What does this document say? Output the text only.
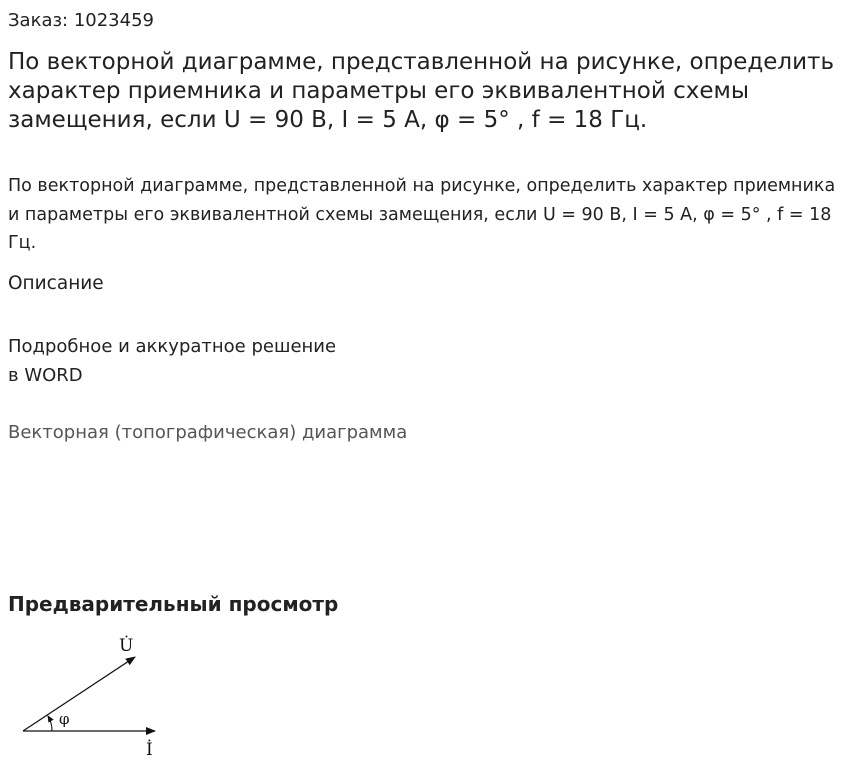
Заказ: 1023459
По векторной диаграмме, представленной на рисунке, определить характер приемника и параметры его эквивалентной схемы замещения, если U = 90 В, I = 5 А, φ = 5° , f = 18 Гц.

По векторной диаграмме, представленной на рисунке, определить характер приемника и параметры его эквивалентной схемы замещения, если U = 90 В, I = 5 А, φ = 5° , f = 18 Гц.

Описание
Подробное и аккуратное решение
в WORD
Векторная (топографическая) диаграмма
Предварительный просмотр
U̇
İ
φ
